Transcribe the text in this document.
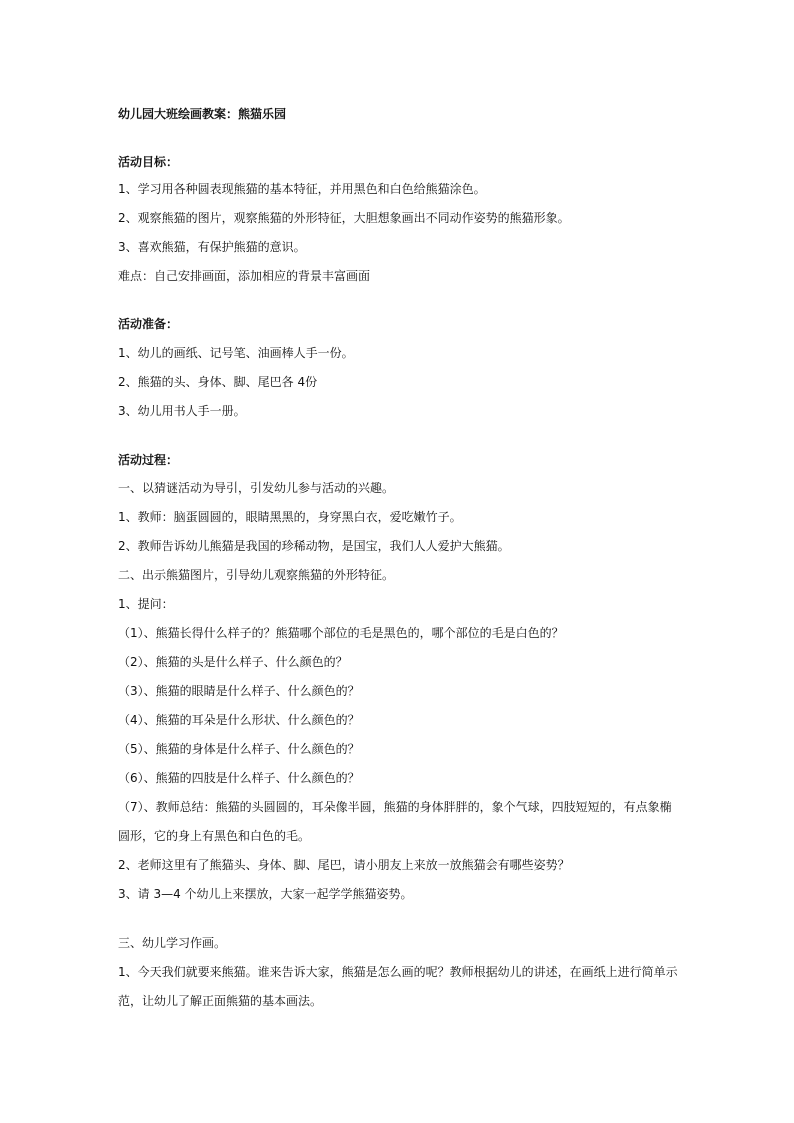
幼儿园大班绘画教案：熊猫乐园
活动目标：
1、学习用各种圆表现熊猫的基本特征，并用黑色和白色给熊猫涂色。
2、观察熊猫的图片，观察熊猫的外形特征，大胆想象画出不同动作姿势的熊猫形象。
3、喜欢熊猫，有保护熊猫的意识。
难点：自己安排画面，添加相应的背景丰富画面
活动准备：
1、幼儿的画纸、记号笔、油画棒人手一份。
2、熊猫的头、身体、脚、尾巴各 4份
3、幼儿用书人手一册。
活动过程：
一、以猜谜活动为导引，引发幼儿参与活动的兴趣。
1、教师：脑蛋圆圆的，眼睛黑黑的，身穿黑白衣，爱吃嫩竹子。
2、教师告诉幼儿熊猫是我国的珍稀动物，是国宝，我们人人爱护大熊猫。
二、出示熊猫图片，引导幼儿观察熊猫的外形特征。
1、提问：
（1）、熊猫长得什么样子的？熊猫哪个部位的毛是黑色的，哪个部位的毛是白色的？
（2）、熊猫的头是什么样子、什么颜色的？
（3）、熊猫的眼睛是什么样子、什么颜色的？
（4）、熊猫的耳朵是什么形状、什么颜色的？
（5）、熊猫的身体是什么样子、什么颜色的？
（6）、熊猫的四肢是什么样子、什么颜色的？
（7）、教师总结：熊猫的头圆圆的，耳朵像半圆，熊猫的身体胖胖的，象个气球，四肢短短的，有点象椭
圆形，它的身上有黑色和白色的毛。
2、老师这里有了熊猫头、身体、脚、尾巴，请小朋友上来放一放熊猫会有哪些姿势？
3、请 3—4 个幼儿上来摆放，大家一起学学熊猫姿势。
三、幼儿学习作画。
1、今天我们就要来熊猫。谁来告诉大家，熊猫是怎么画的呢？教师根据幼儿的讲述，在画纸上进行简单示
范，让幼儿了解正面熊猫的基本画法。
